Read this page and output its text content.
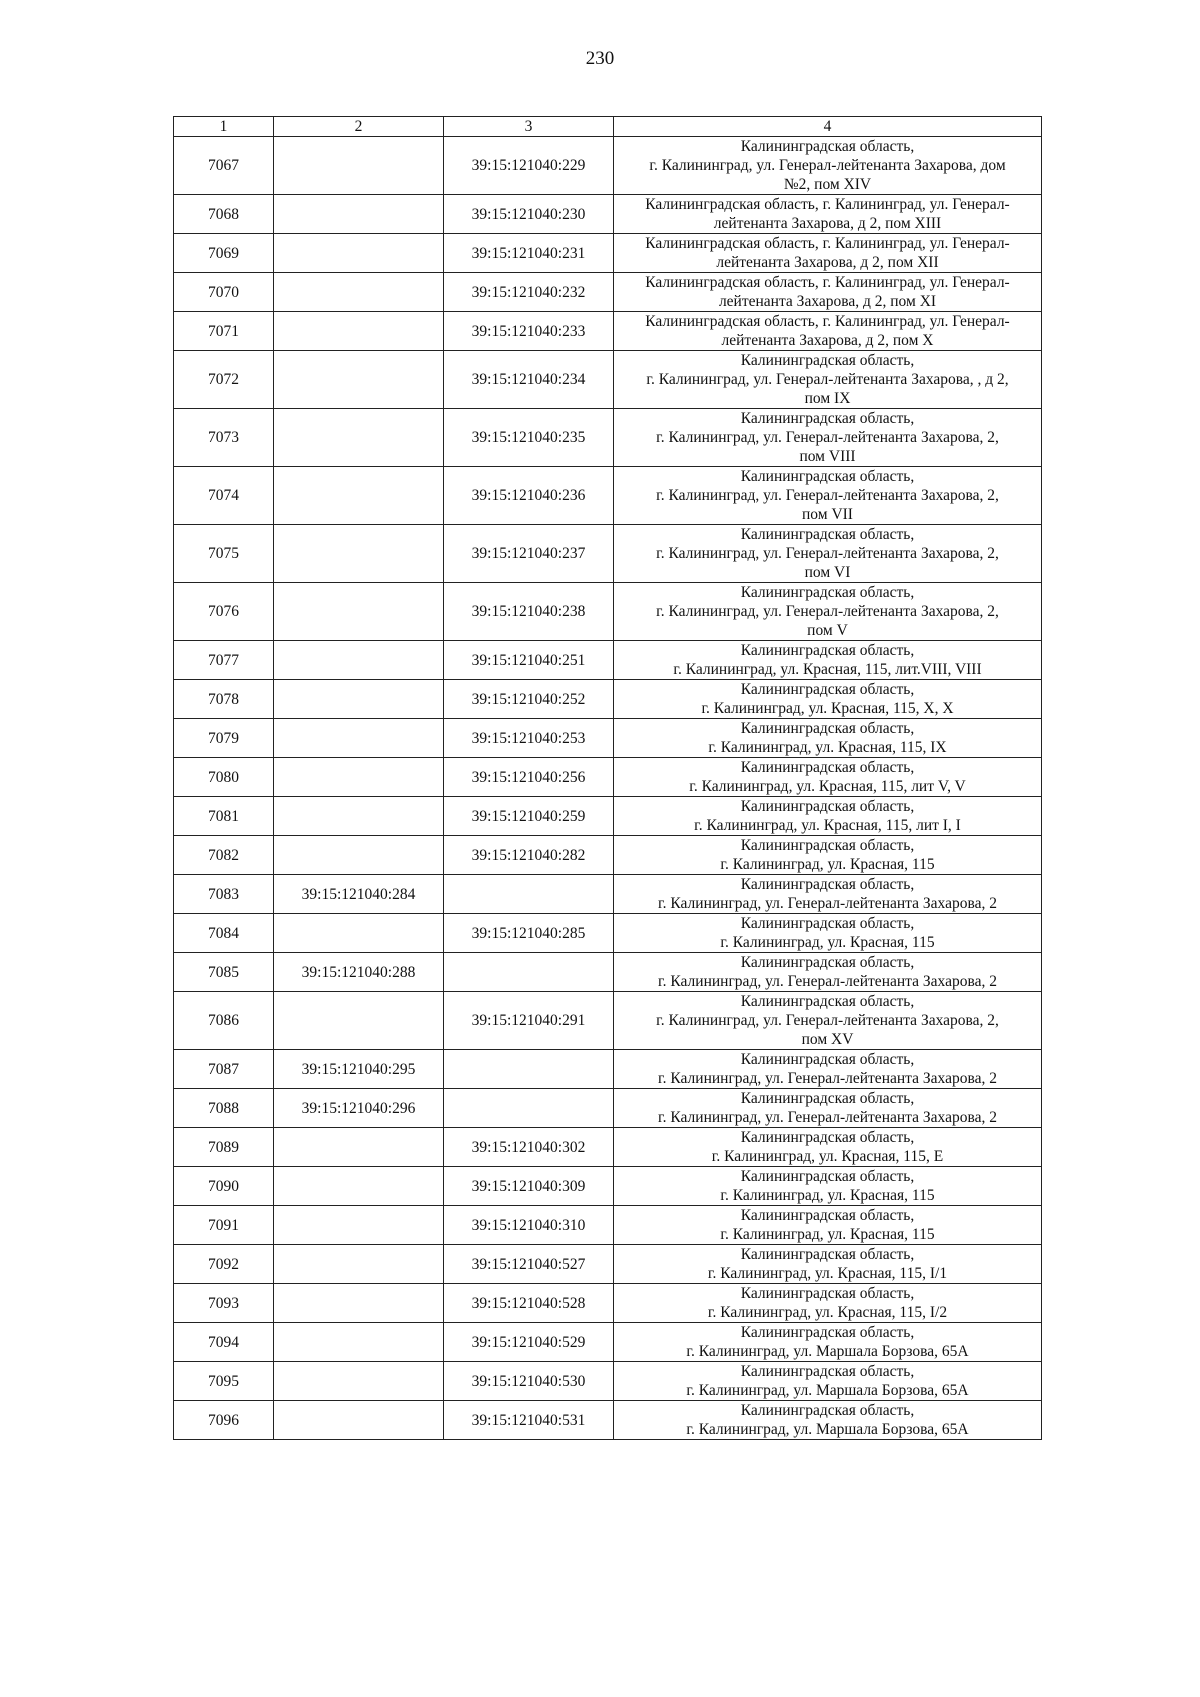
230
1	2	3	4
7067		39:15:121040:229	Калининградская область,
г. Калининград, ул. Генерал-лейтенанта Захарова, дом
№2, пом XIV
7068		39:15:121040:230	Калининградская область, г. Калининград, ул. Генерал-
лейтенанта Захарова, д 2, пом XIII
7069		39:15:121040:231	Калининградская область, г. Калининград, ул. Генерал-
лейтенанта Захарова, д 2, пом XII
7070		39:15:121040:232	Калининградская область, г. Калининград, ул. Генерал-
лейтенанта Захарова, д 2, пом XI
7071		39:15:121040:233	Калининградская область, г. Калининград, ул. Генерал-
лейтенанта Захарова, д 2, пом X
7072		39:15:121040:234	Калининградская область,
г. Калининград, ул. Генерал-лейтенанта Захарова, , д 2,
пом IX
7073		39:15:121040:235	Калининградская область,
г. Калининград, ул. Генерал-лейтенанта Захарова, 2,
пом VIII
7074		39:15:121040:236	Калининградская область,
г. Калининград, ул. Генерал-лейтенанта Захарова, 2,
пом VII
7075		39:15:121040:237	Калининградская область,
г. Калининград, ул. Генерал-лейтенанта Захарова, 2,
пом VI
7076		39:15:121040:238	Калининградская область,
г. Калининград, ул. Генерал-лейтенанта Захарова, 2,
пом V
7077		39:15:121040:251	Калининградская область,
г. Калининград, ул. Красная, 115, лит.VIII, VIII
7078		39:15:121040:252	Калининградская область,
г. Калининград, ул. Красная, 115, X, X
7079		39:15:121040:253	Калининградская область,
г. Калининград, ул. Красная, 115, IX
7080		39:15:121040:256	Калининградская область,
г. Калининград, ул. Красная, 115, лит V, V
7081		39:15:121040:259	Калининградская область,
г. Калининград, ул. Красная, 115, лит I, I
7082		39:15:121040:282	Калининградская область,
г. Калининград, ул. Красная, 115
7083	39:15:121040:284		Калининградская область,
г. Калининград, ул. Генерал-лейтенанта Захарова, 2
7084		39:15:121040:285	Калининградская область,
г. Калининград, ул. Красная, 115
7085	39:15:121040:288		Калининградская область,
г. Калининград, ул. Генерал-лейтенанта Захарова, 2
7086		39:15:121040:291	Калининградская область,
г. Калининград, ул. Генерал-лейтенанта Захарова, 2,
пом XV
7087	39:15:121040:295		Калининградская область,
г. Калининград, ул. Генерал-лейтенанта Захарова, 2
7088	39:15:121040:296		Калининградская область,
г. Калининград, ул. Генерал-лейтенанта Захарова, 2
7089		39:15:121040:302	Калининградская область,
г. Калининград, ул. Красная, 115, Е
7090		39:15:121040:309	Калининградская область,
г. Калининград, ул. Красная, 115
7091		39:15:121040:310	Калининградская область,
г. Калининград, ул. Красная, 115
7092		39:15:121040:527	Калининградская область,
г. Калининград, ул. Красная, 115, I/1
7093		39:15:121040:528	Калининградская область,
г. Калининград, ул. Красная, 115, I/2
7094		39:15:121040:529	Калининградская область,
г. Калининград, ул. Маршала Борзова, 65А
7095		39:15:121040:530	Калининградская область,
г. Калининград, ул. Маршала Борзова, 65А
7096		39:15:121040:531	Калининградская область,
г. Калининград, ул. Маршала Борзова, 65А
